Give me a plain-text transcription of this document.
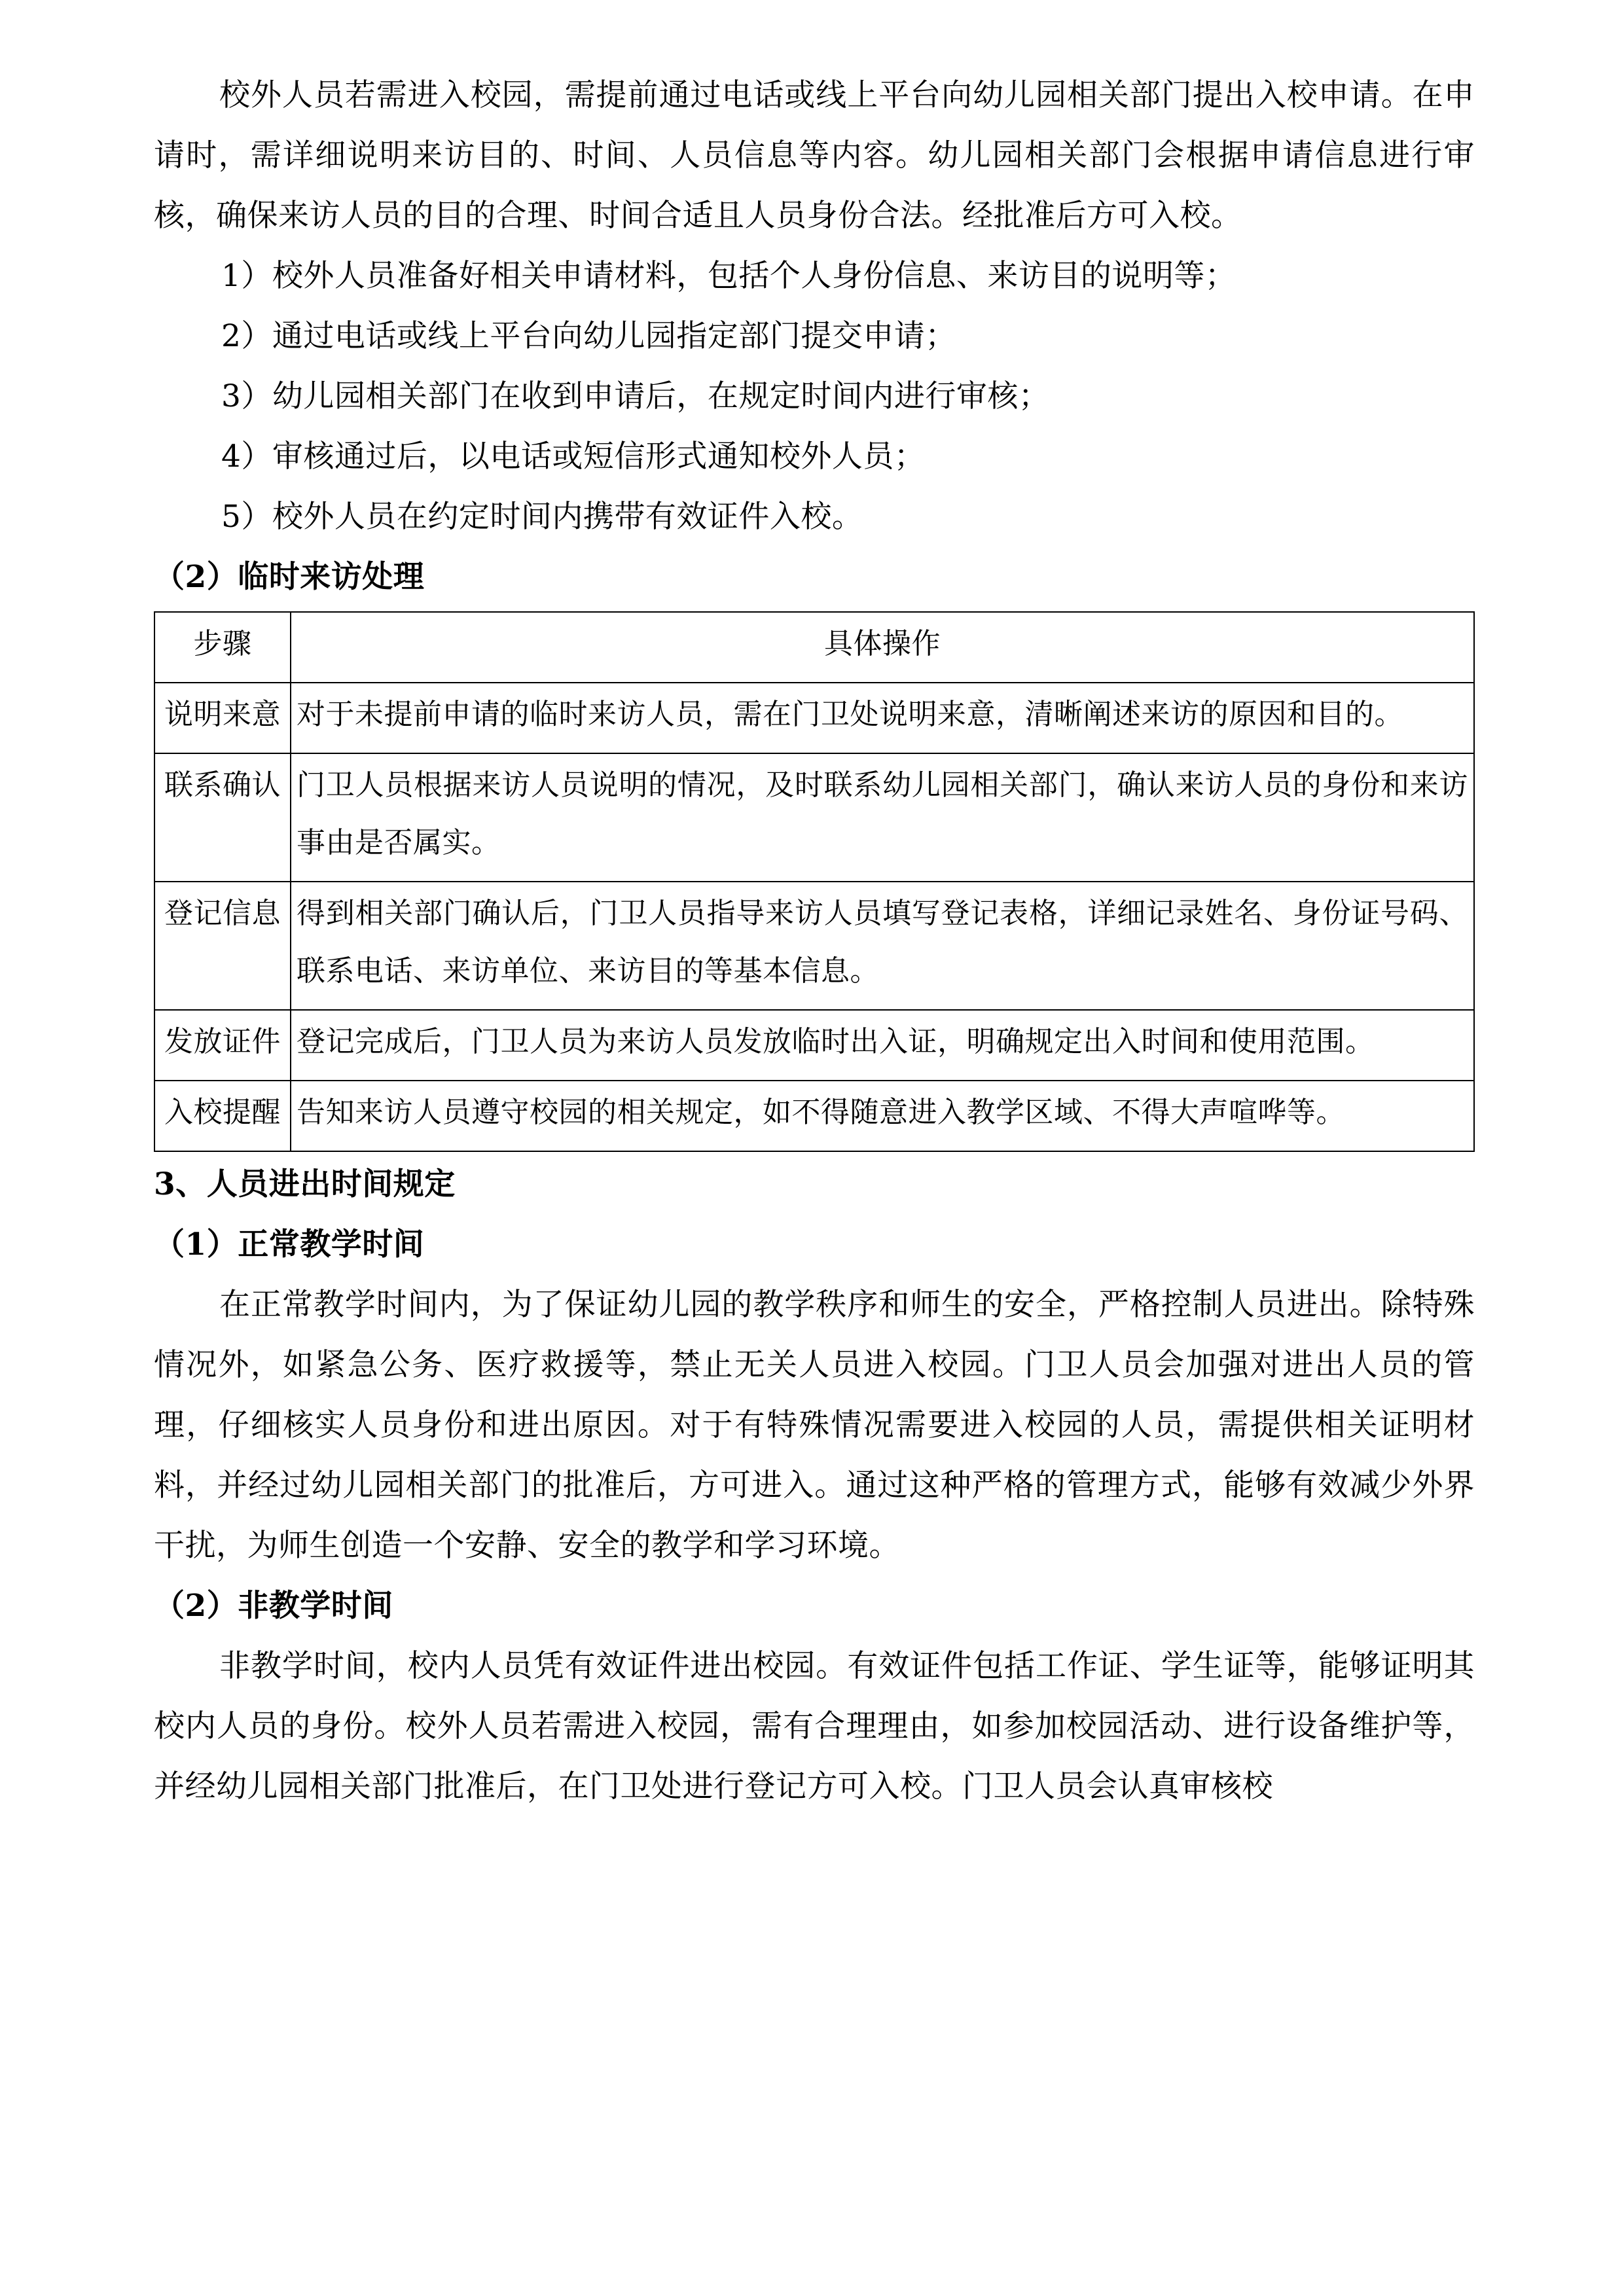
校外人员若需进入校园，需提前通过电话或线上平台向幼儿园相关部门提出入校申请。在申请时，需详细说明来访目的、时间、人员信息等内容。幼儿园相关部门会根据申请信息进行审核，确保来访人员的目的合理、时间合适且人员身份合法。经批准后方可入校。

1）校外人员准备好相关申请材料，包括个人身份信息、来访目的说明等；

2）通过电话或线上平台向幼儿园指定部门提交申请；

3）幼儿园相关部门在收到申请后，在规定时间内进行审核；

4）审核通过后，以电话或短信形式通知校外人员；

5）校外人员在约定时间内携带有效证件入校。

（2）临时来访处理

步骤	具体操作
说明来意	对于未提前申请的临时来访人员，需在门卫处说明来意，清晰阐述来访的原因和目的。
联系确认	门卫人员根据来访人员说明的情况，及时联系幼儿园相关部门，确认来访人员的身份和来访事由是否属实。
登记信息	得到相关部门确认后，门卫人员指导来访人员填写登记表格，详细记录姓名、身份证号码、联系电话、来访单位、来访目的等基本信息。
发放证件	登记完成后，门卫人员为来访人员发放临时出入证，明确规定出入时间和使用范围。
入校提醒	告知来访人员遵守校园的相关规定，如不得随意进入教学区域、不得大声喧哗等。

3、人员进出时间规定

（1）正常教学时间

在正常教学时间内，为了保证幼儿园的教学秩序和师生的安全，严格控制人员进出。除特殊情况外，如紧急公务、医疗救援等，禁止无关人员进入校园。门卫人员会加强对进出人员的管理，仔细核实人员身份和进出原因。对于有特殊情况需要进入校园的人员，需提供相关证明材料，并经过幼儿园相关部门的批准后，方可进入。通过这种严格的管理方式，能够有效减少外界干扰，为师生创造一个安静、安全的教学和学习环境。

（2）非教学时间

非教学时间，校内人员凭有效证件进出校园。有效证件包括工作证、学生证等，能够证明其校内人员的身份。校外人员若需进入校园，需有合理理由，如参加校园活动、进行设备维护等，并经幼儿园相关部门批准后，在门卫处进行登记方可入校。门卫人员会认真审核校
